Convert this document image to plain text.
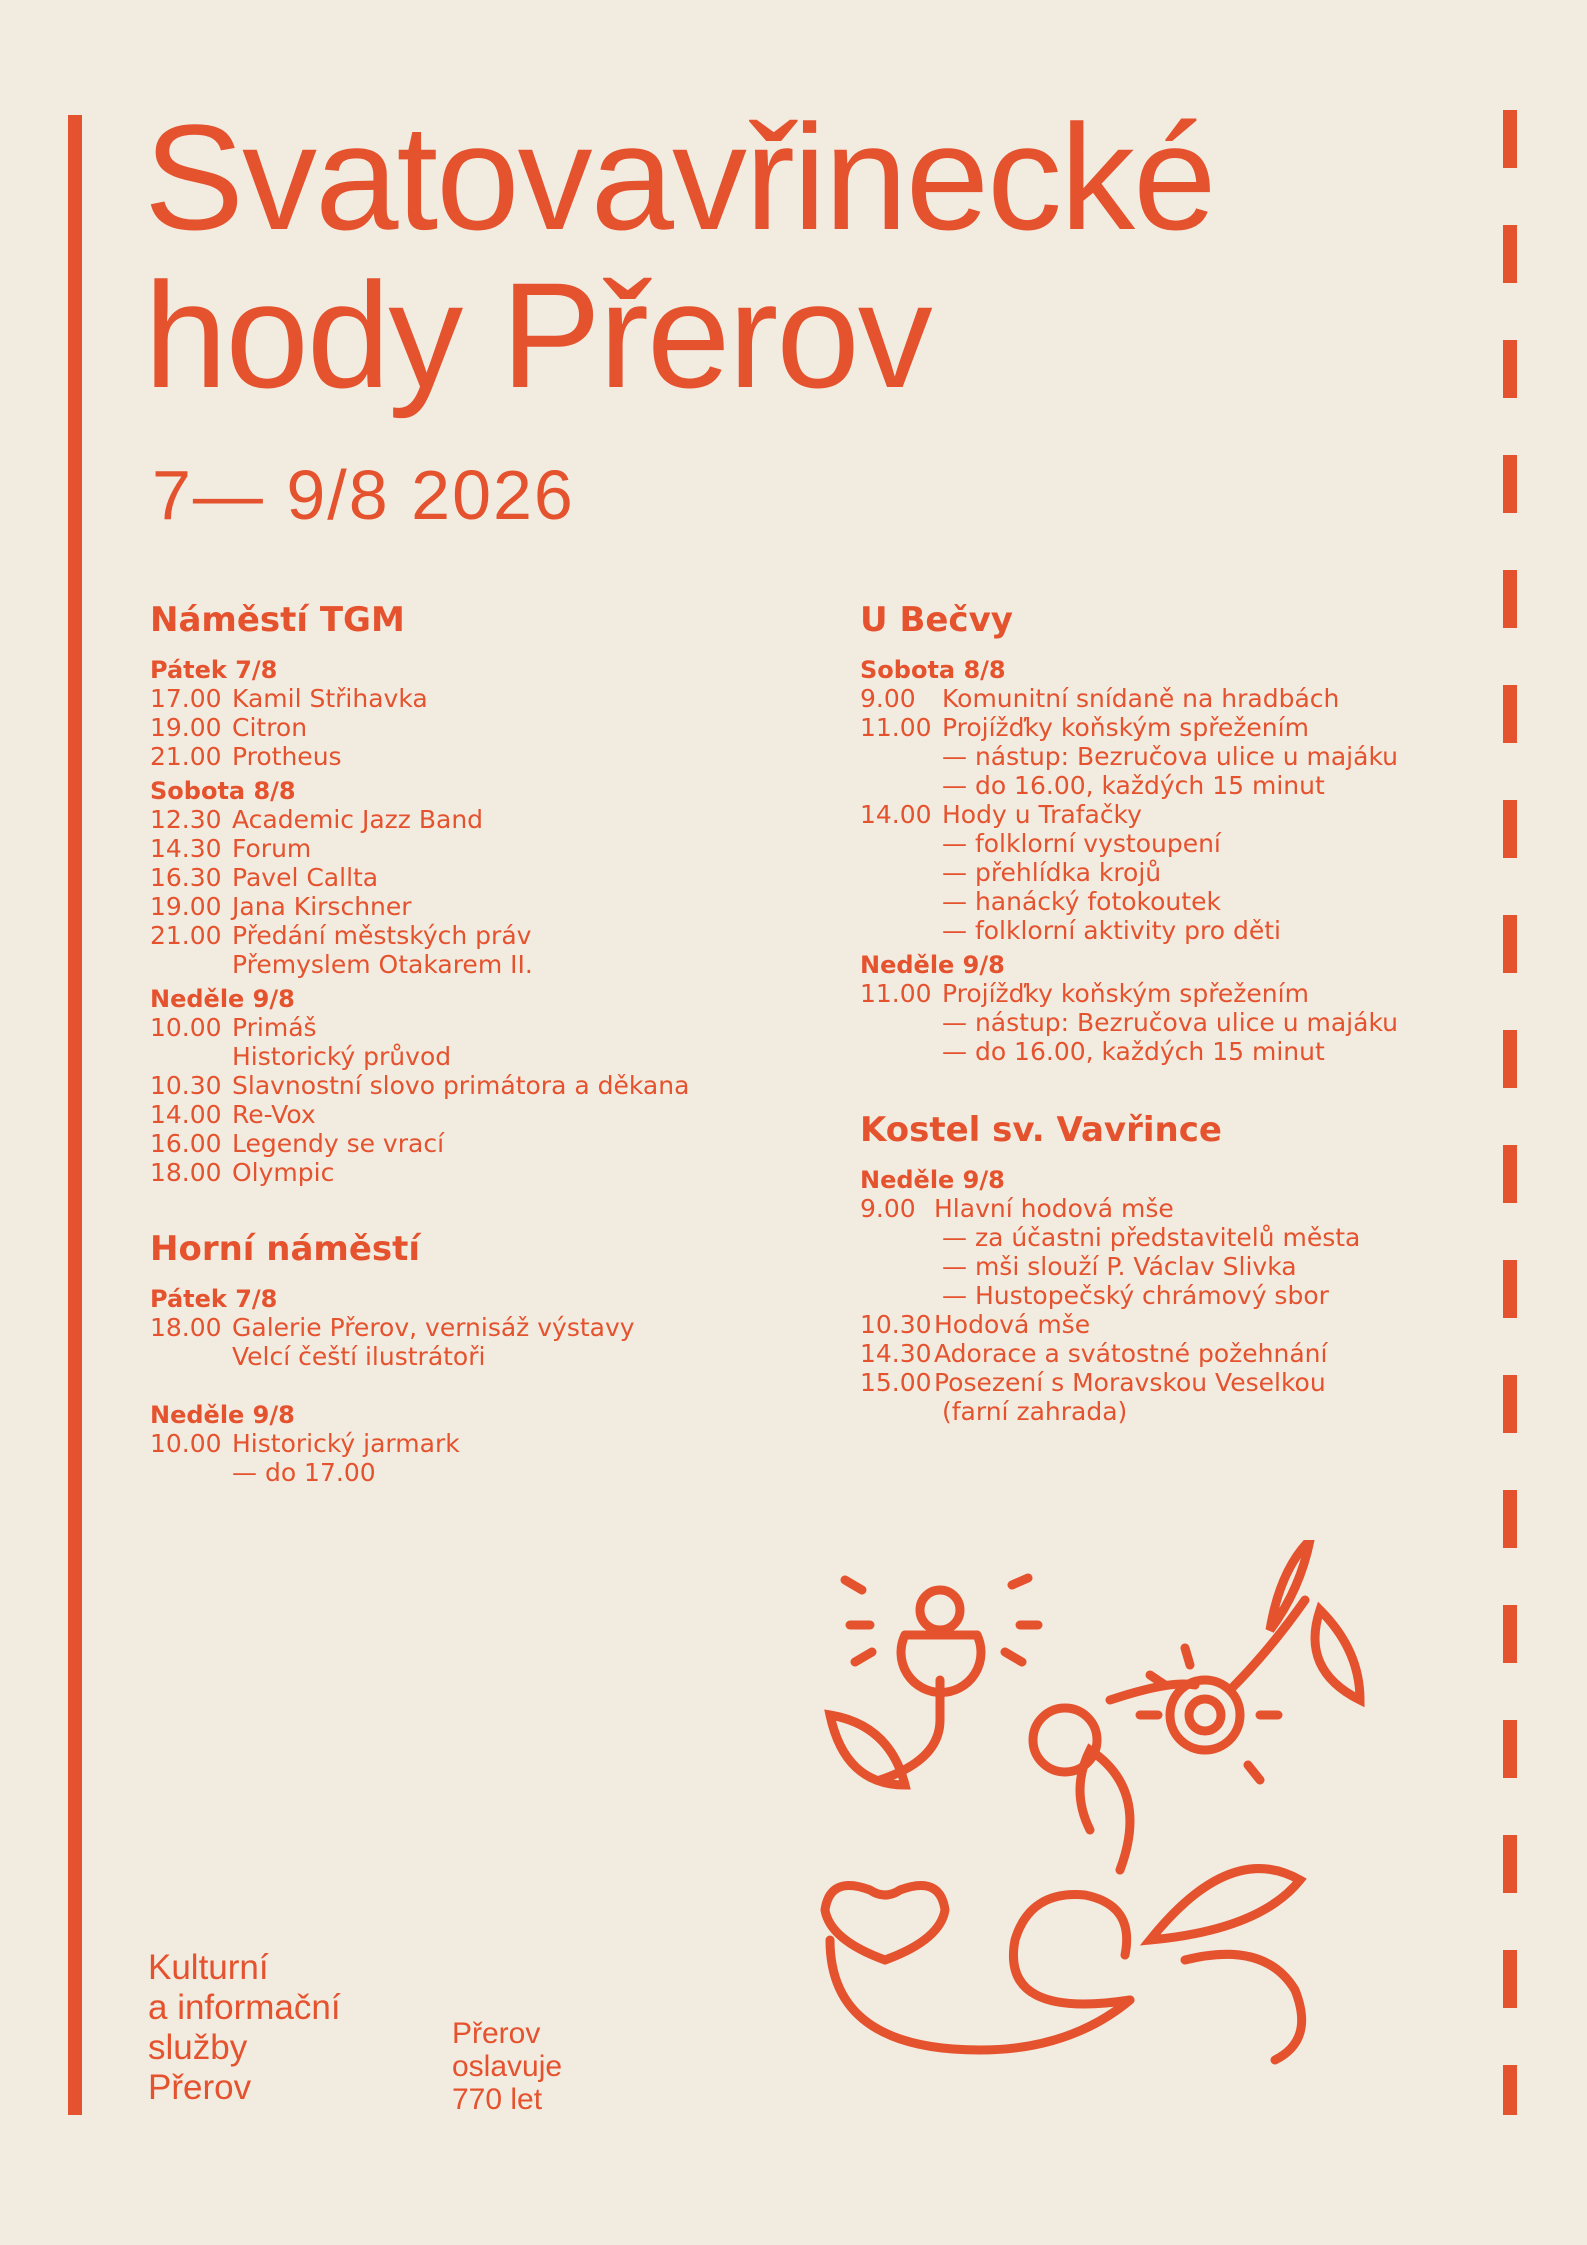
Svatovavřinecké
hody Přerov
7— 9/8 2026
Náměstí TGM
Pátek 7/8
17.00 Kamil Střihavka
19.00 Citron
21.00 Protheus
Sobota 8/8
12.30 Academic Jazz Band
14.30 Forum
16.30 Pavel Callta
19.00 Jana Kirschner
21.00 Předání městských práv
Přemyslem Otakarem II.
Neděle 9/8
10.00 Primáš
Historický průvod
10.30 Slavnostní slovo primátora a děkana
14.00 Re-Vox
16.00 Legendy se vrací
18.00 Olympic
Horní náměstí
Pátek 7/8
18.00 Galerie Přerov, vernisáž výstavy
Velcí čeští ilustrátoři
Neděle 9/8
10.00 Historický jarmark
— do 17.00
U Bečvy
Sobota 8/8
9.00	Komunitní snídaně na hradbách
11.00 Projížďky koňským spřežením
— nástup: Bezručova ulice u majáku
— do 16.00, každých 15 minut
14.00 Hody u Trafačky
— folklorní vystoupení
— přehlídka krojů
— hanácký fotokoutek
— folklorní aktivity pro děti
Neděle 9/8
11.00 Projížďky koňským spřežením
— nástup: Bezručova ulice u majáku
— do 16.00, každých 15 minut
Kostel sv. Vavřince
Neděle 9/8
9.00 Hlavní hodová mše
— za účastni představitelů města
— mši slouží P. Václav Slivka
— Hustopečský chrámový sbor
10.30 Hodová mše
14.30 Adorace a svátostné požehnání
15.00 Posezení s Moravskou Veselkou
(farní zahrada)
Kulturní
a informační
služby
Přerov
Přerov
oslavuje
770 let
